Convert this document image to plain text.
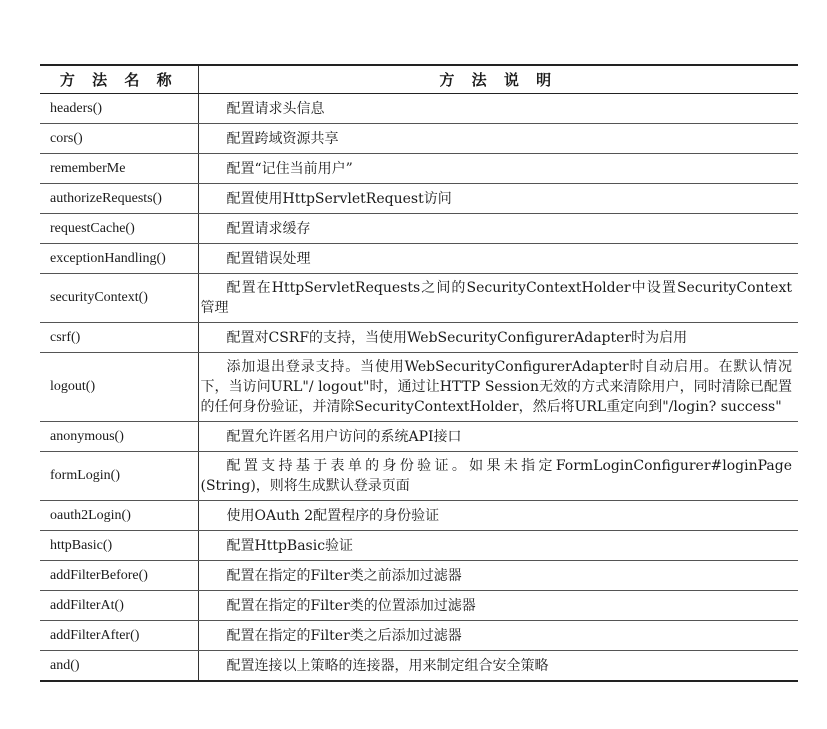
方 法 名 称	方 法 说 明
headers()	配置请求头信息
cors()	配置跨域资源共享
rememberMe	配置“记住当前用户”
authorizeRequests()	配置使用HttpServletRequest访问
requestCache()	配置请求缓存
exceptionHandling()	配置错误处理
securityContext()	配置在HttpServletRequests之间的SecurityContextHolder中设置SecurityContext管理
csrf()	配置对CSRF的支持，当使用WebSecurityConfigurerAdapter时为启用
logout()	添加退出登录支持。当使用WebSecurityConfigurerAdapter时自动启用。在默认情况下，当访问URL"/ logout"时，通过让HTTP Session无效的方式来清除用户，同时清除已配置的任何身份验证，并清除SecurityContextHolder，然后将URL重定向到"/login? success"
anonymous()	配置允许匿名用户访问的系统API接口
formLogin()	配置支持基于表单的身份验证。如果未指定FormLoginConfigurer#loginPage (String)，则将生成默认登录页面
oauth2Login()	使用OAuth 2配置程序的身份验证
httpBasic()	配置HttpBasic验证
addFilterBefore()	配置在指定的Filter类之前添加过滤器
addFilterAt()	配置在指定的Filter类的位置添加过滤器
addFilterAfter()	配置在指定的Filter类之后添加过滤器
and()	配置连接以上策略的连接器，用来制定组合安全策略
